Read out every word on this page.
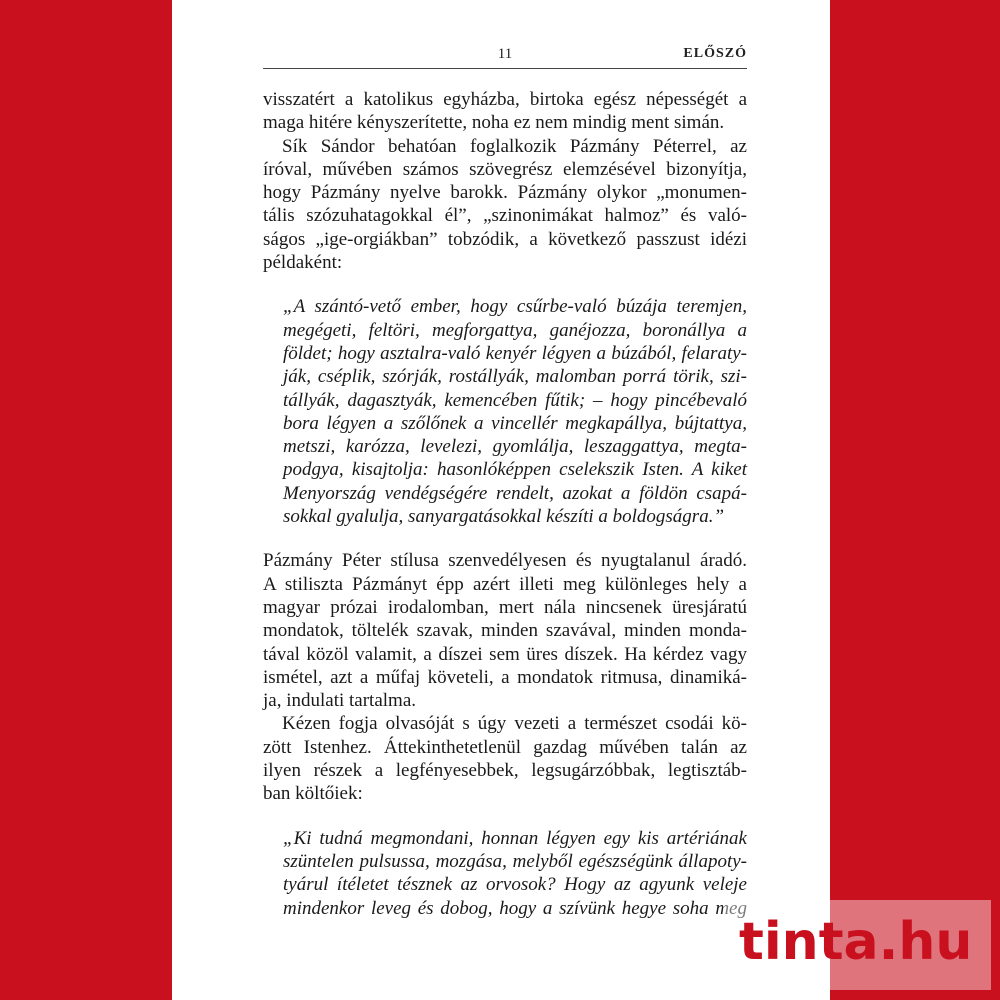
11	ELŐSZÓ
visszatért a katolikus egyházba, birtoka egész népességét a
maga hitére kényszerítette, noha ez nem mindig ment simán.
Sík Sándor behatóan foglalkozik Pázmány Péterrel, az
íróval, művében számos szövegrész elemzésével bizonyítja,
hogy Pázmány nyelve barokk. Pázmány olykor „monumen-
tális szózuhatagokkal él”, „szinonimákat halmoz” és való-
ságos „ige-orgiákban” tobzódik, a következő passzust idézi
példaként:
„A szántó-vető ember, hogy csűrbe-való búzája teremjen,
megégeti, feltöri, megforgattya, ganéjozza, boronállya a
földet; hogy asztalra-való kenyér légyen a búzából, felaraty-
ják, cséplik, szórják, rostállyák, malomban porrá törik, szi-
tállyák, dagasztyák, kemencében fűtik; – hogy pincébevaló
bora légyen a szőlőnek a vincellér megkapállya, bújtattya,
metszi, karózza, levelezi, gyomlálja, leszaggattya, megta-
podgya, kisajtolja: hasonlóképpen cselekszik Isten. A kiket
Menyország vendégségére rendelt, azokat a földön csapá-
sokkal gyalulja, sanyargatásokkal készíti a boldogságra.”
Pázmány Péter stílusa szenvedélyesen és nyugtalanul áradó.
A stiliszta Pázmányt épp azért illeti meg különleges hely a
magyar prózai irodalomban, mert nála nincsenek üresjáratú
mondatok, töltelék szavak, minden szavával, minden monda-
tával közöl valamit, a díszei sem üres díszek. Ha kérdez vagy
ismétel, azt a műfaj követeli, a mondatok ritmusa, dinamiká-
ja, indulati tartalma.
Kézen fogja olvasóját s úgy vezeti a természet csodái kö-
zött Istenhez. Áttekinthetetlenül gazdag művében talán az
ilyen részek a legfényesebbek, legsugárzóbbak, legtisztáb-
ban költőiek:
„Ki tudná megmondani, honnan légyen egy kis artériának
szüntelen pulsussa, mozgása, melyből egészségünk állapoty-
tyárul ítéletet tésznek az orvosok? Hogy az agyunk veleje
mindenkor leveg és dobog, hogy a szívünk hegye soha meg
tinta.hu
